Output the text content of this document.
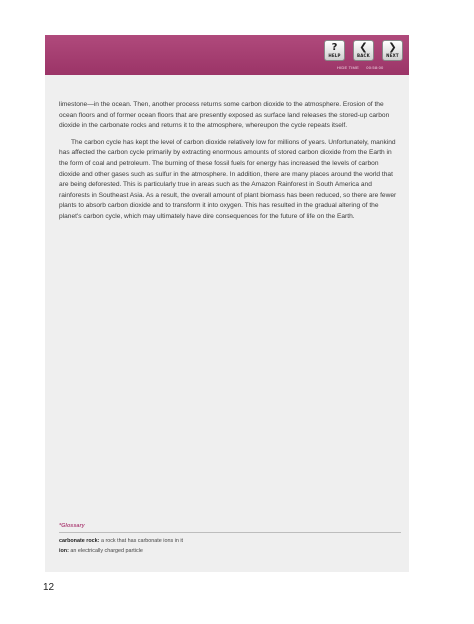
?
HELP
❮
BACK
❯
NEXT
HIDE TIME 00:58:00

limestone—in the ocean. Then, another process returns some carbon dioxide to the atmosphere. Erosion of the ocean floors and of former ocean floors that are presently exposed as surface land releases the stored-up carbon dioxide in the carbonate rocks and returns it to the atmosphere, whereupon the cycle repeats itself.

The carbon cycle has kept the level of carbon dioxide relatively low for millions of years. Unfortunately, mankind has affected the carbon cycle primarily by extracting enormous amounts of stored carbon dioxide from the Earth in the form of coal and petroleum. The burning of these fossil fuels for energy has increased the levels of carbon dioxide and other gases such as sulfur in the atmosphere. In addition, there are many places around the world that are being deforested. This is particularly true in areas such as the Amazon Rainforest in South America and rainforests in Southeast Asia. As a result, the overall amount of plant biomass has been reduced, so there are fewer plants to absorb carbon dioxide and to transform it into oxygen. This has resulted in the gradual altering of the planet's carbon cycle, which may ultimately have dire consequences for the future of life on the Earth.

*Glossary
carbonate rock: a rock that has carbonate ions in it
ion: an electrically charged particle
12
